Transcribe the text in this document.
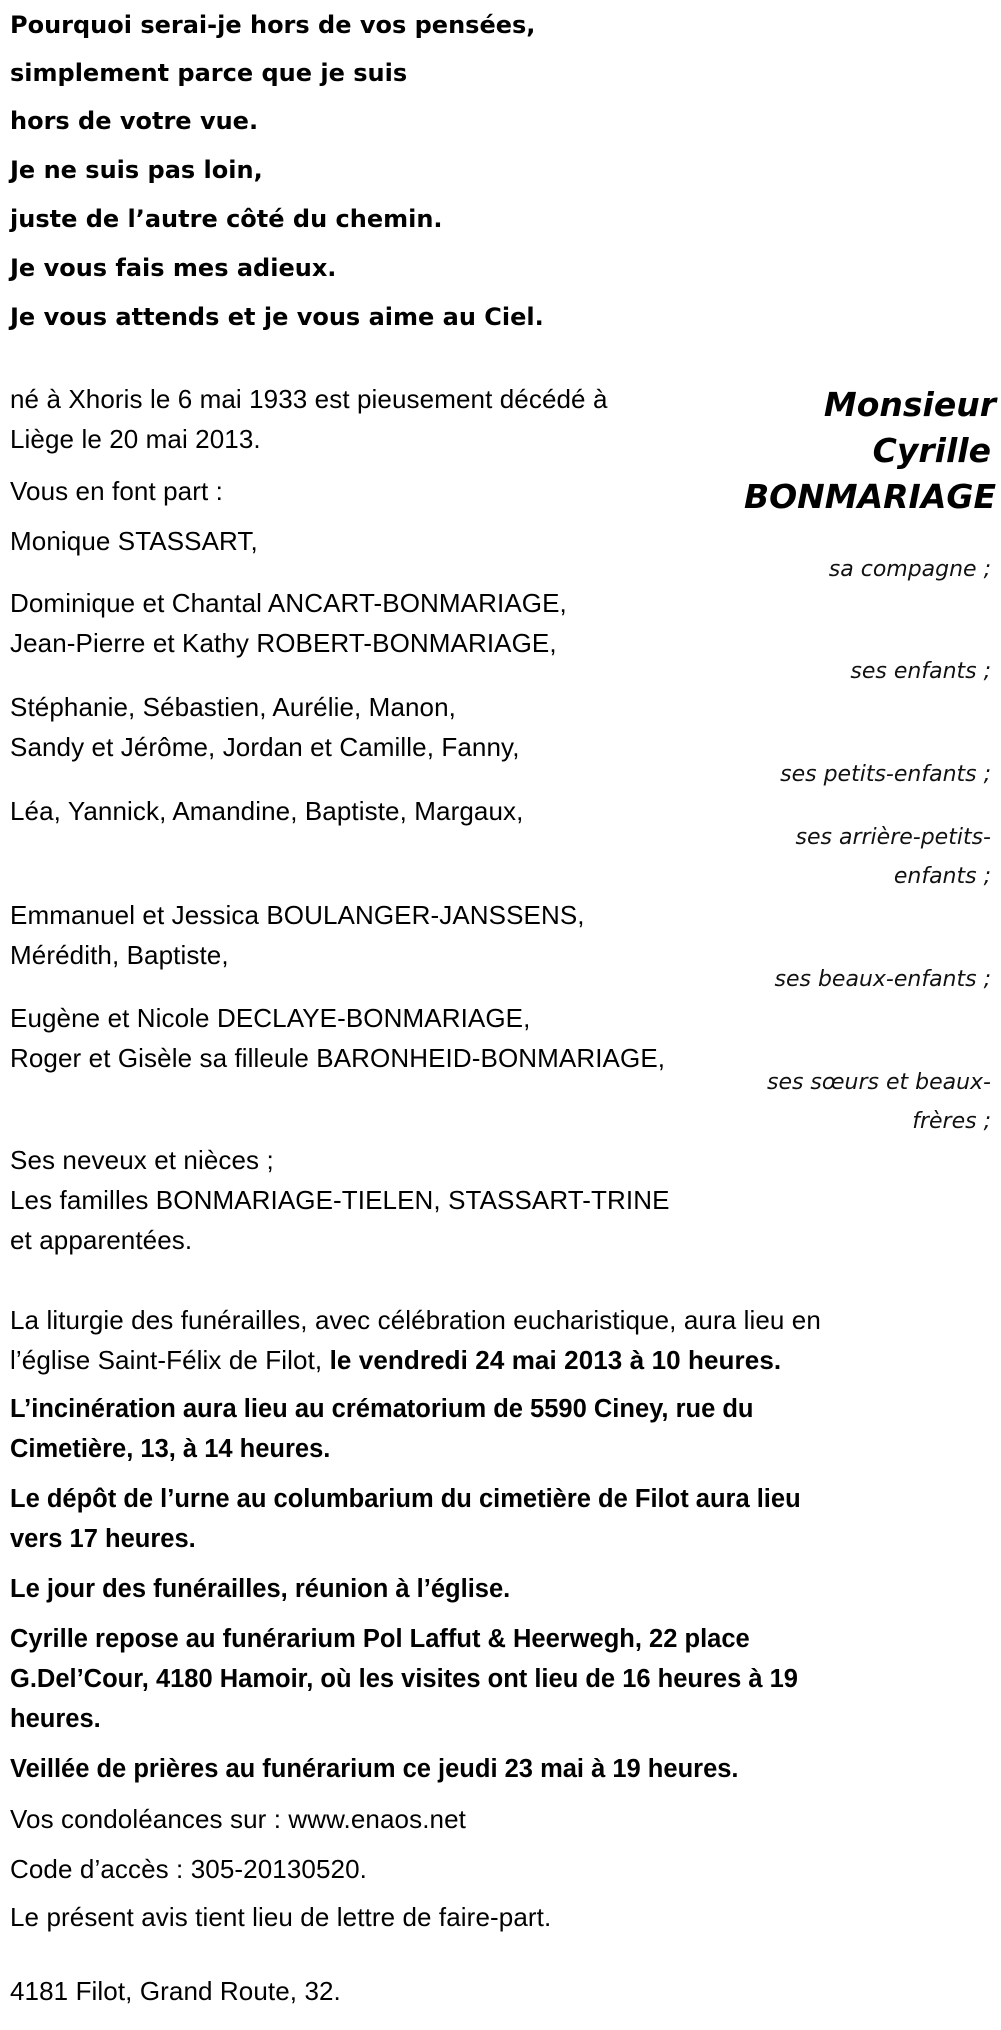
Pourquoi serai-je hors de vos pensées,
simplement parce que je suis
hors de votre vue.
Je ne suis pas loin,
juste de l’autre côté du chemin.
Je vous fais mes adieux.
Je vous attends et je vous aime au Ciel.
Monsieur
Cyrille
BONMARIAGE
né à Xhoris le 6 mai 1933 est pieusement décédé à
Liège le 20 mai 2013.
Vous en font part :
Monique STASSART,
sa compagne ;
Dominique et Chantal ANCART-BONMARIAGE,
Jean-Pierre et Kathy ROBERT-BONMARIAGE,
ses enfants ;
Stéphanie, Sébastien, Aurélie, Manon,
Sandy et Jérôme, Jordan et Camille, Fanny,
ses petits-enfants ;
Léa, Yannick, Amandine, Baptiste, Margaux,
ses arrière-petits-
enfants ;
Emmanuel et Jessica BOULANGER-JANSSENS,
Mérédith, Baptiste,
ses beaux-enfants ;
Eugène et Nicole DECLAYE-BONMARIAGE,
Roger et Gisèle sa filleule BARONHEID-BONMARIAGE,
ses sœurs et beaux-
frères ;
Ses neveux et nièces ;
Les familles BONMARIAGE-TIELEN, STASSART-TRINE
et apparentées.
La liturgie des funérailles, avec célébration eucharistique, aura lieu en
l’église Saint-Félix de Filot, le vendredi 24 mai 2013 à 10 heures.
L’incinération aura lieu au crématorium de 5590 Ciney, rue du
Cimetière, 13, à 14 heures.
Le dépôt de l’urne au columbarium du cimetière de Filot aura lieu
vers 17 heures.
Le jour des funérailles, réunion à l’église.
Cyrille repose au funérarium Pol Laffut & Heerwegh, 22 place
G.Del’Cour, 4180 Hamoir, où les visites ont lieu de 16 heures à 19
heures.
Veillée de prières au funérarium ce jeudi 23 mai à 19 heures.
Vos condoléances sur : www.enaos.net
Code d’accès : 305-20130520.
Le présent avis tient lieu de lettre de faire-part.
4181 Filot, Grand Route, 32.
